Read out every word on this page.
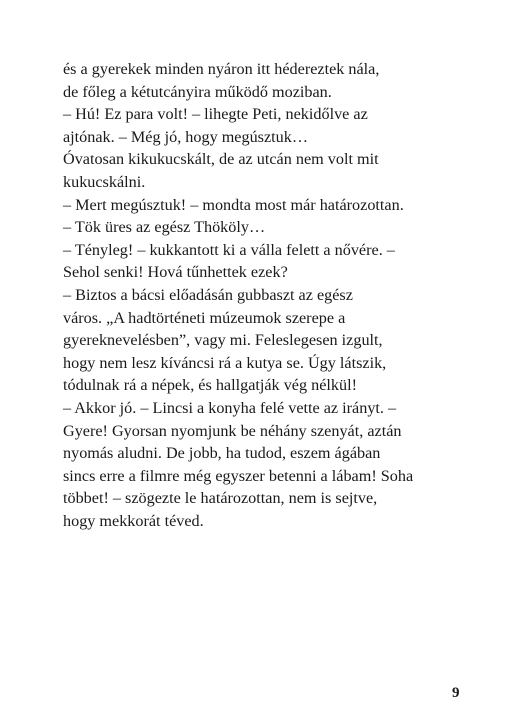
és a gyerekek minden nyáron itt hédereztek nála,
de főleg a kétutcányira működő moziban.
– Hú! Ez para volt! – lihegte Peti, nekidőlve az
ajtónak. – Még jó, hogy megúsztuk…
Óvatosan kikukucskált, de az utcán nem volt mit
kukucskálni.
– Mert megúsztuk! – mondta most már határozottan.
– Tök üres az egész Thököly…
– Tényleg! – kukkantott ki a válla felett a nővére. –
Sehol senki! Hová tűnhettek ezek?
– Biztos a bácsi előadásán gubbaszt az egész
város. „A hadtörténeti múzeumok szerepe a
gyereknevelésben”, vagy mi. Feleslegesen izgult,
hogy nem lesz kíváncsi rá a kutya se. Úgy látszik,
tódulnak rá a népek, és hallgatják vég nélkül!
– Akkor jó. – Lincsi a konyha felé vette az irányt. –
Gyere! Gyorsan nyomjunk be néhány szenyát, aztán
nyomás aludni. De jobb, ha tudod, eszem ágában
sincs erre a filmre még egyszer betenni a lábam! Soha
többet! – szögezte le határozottan, nem is sejtve,
hogy mekkorát téved.
9
